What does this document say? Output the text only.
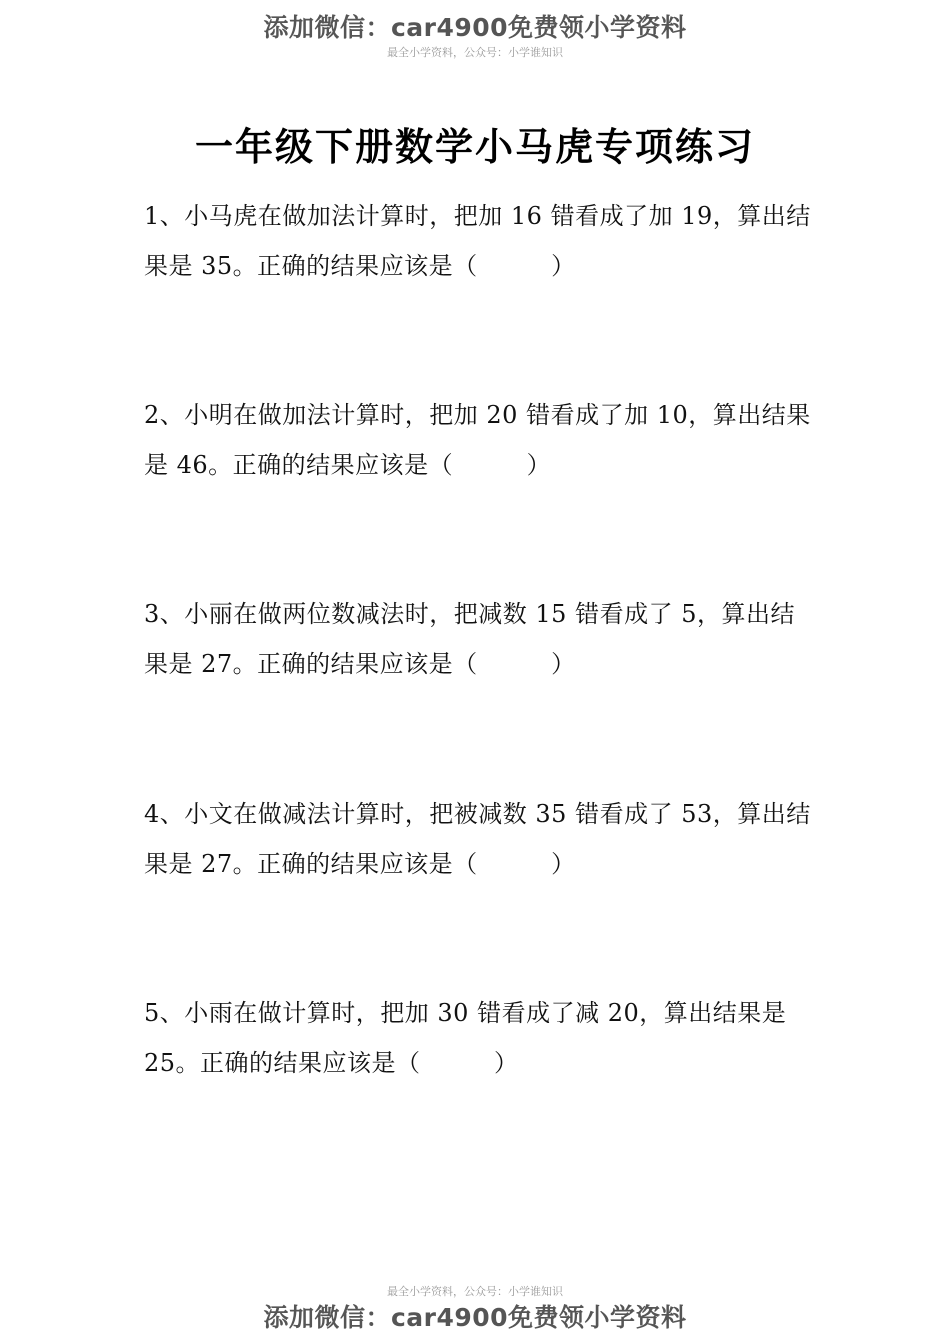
添加微信：car4900免费领小学资料
最全小学资料，公众号：小学谁知识
一年级下册数学小马虎专项练习
1、小马虎在做加法计算时，把加 16 错看成了加 19，算出结果是 35。正确的结果应该是（　　　）
2、小明在做加法计算时，把加 20 错看成了加 10，算出结果是 46。正确的结果应该是（　　　）
3、小丽在做两位数减法时，把减数 15 错看成了 5，算出结果是 27。正确的结果应该是（　　　）
4、小文在做减法计算时，把被减数 35 错看成了 53，算出结果是 27。正确的结果应该是（　　　）
5、小雨在做计算时，把加 30 错看成了减 20，算出结果是 25。正确的结果应该是（　　　）
最全小学资料，公众号：小学谁知识
添加微信：car4900免费领小学资料
